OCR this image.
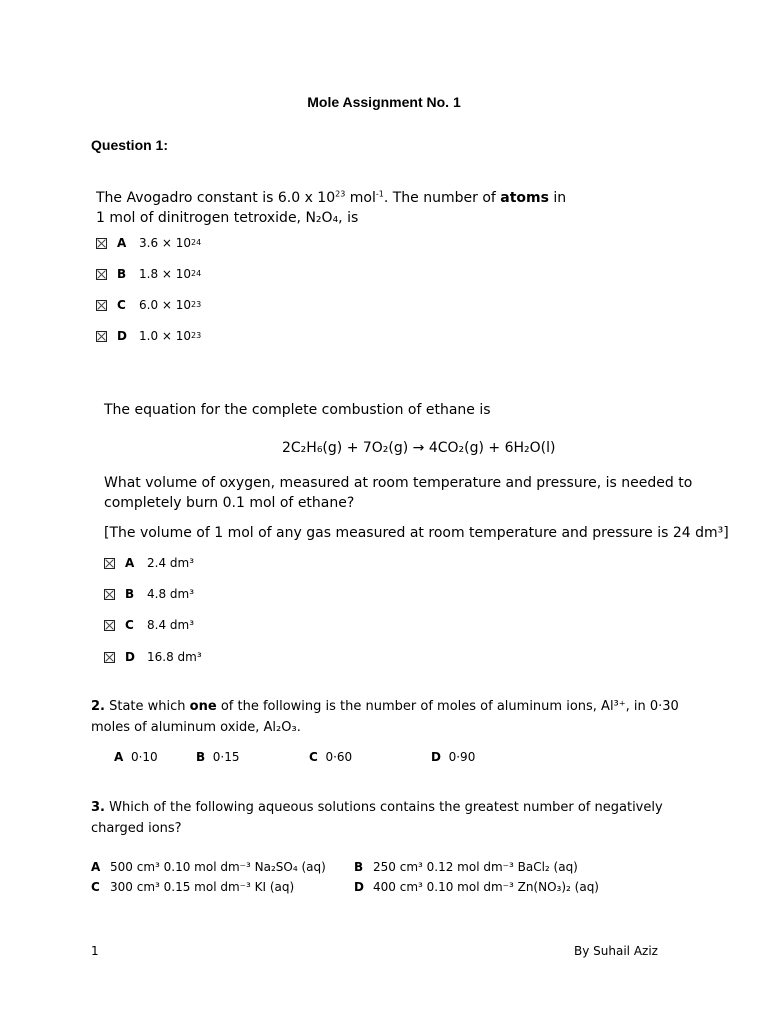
Mole Assignment No. 1
Question 1:
The Avogadro constant is 6.0 x $10^{23}$ mol$^{-1}$. The number of atoms in
1 mol of dinitrogen tetroxide, N₂O₄, is
A	3.6 × 10 24
B	1.8 × 10 24
C	6.0 × 10 23
D	1.0 × 10 23
The equation for the complete combustion of ethane is
2C₂H₆(g) + 7O₂(g) → 4CO₂(g) + 6H₂O(l)
What volume of oxygen, measured at room temperature and pressure, is needed to
completely burn 0.1 mol of ethane?
[The volume of 1 mol of any gas measured at room temperature and pressure is 24 dm³]
A	2.4 dm³
B	4.8 dm³
C	8.4 dm³
D	16.8 dm³
2. State which one of the following is the number of moles of aluminum ions, Al³⁺, in 0·30
moles of aluminum oxide, Al₂O₃.
A 0·10	B 0·15	C 0·60	D 0·90
3. Which of the following aqueous solutions contains the greatest number of negatively
charged ions?
A 500 cm³ 0.10 mol dm⁻³ Na₂SO₄ (aq) B 250 cm³ 0.12 mol dm⁻³ BaCl₂ (aq)
C 300 cm³ 0.15 mol dm⁻³ KI (aq)	D 400 cm³ 0.10 mol dm⁻³ Zn(NO₃)₂ (aq)
1	By Suhail Aziz
